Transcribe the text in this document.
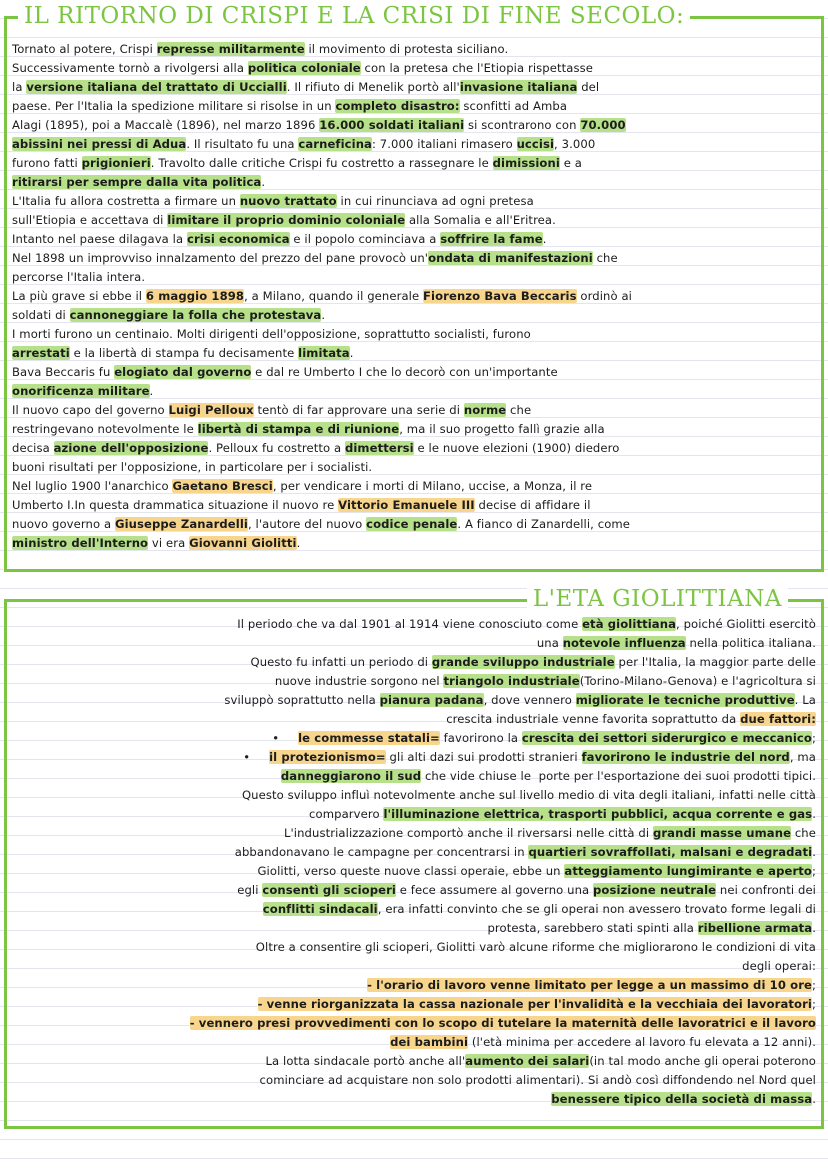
IL RITORNO DI CRISPI E LA CRISI DI FINE SECOLO:
Tornato al potere, Crispi represse militarmente il movimento di protesta siciliano.
Successivamente tornò a rivolgersi alla politica coloniale con la pretesa che l'Etiopia rispettasse
la versione italiana del trattato di Uccialli. Il rifiuto di Menelik portò all'invasione italiana del
paese. Per l'Italia la spedizione militare si risolse in un completo disastro: sconfitti ad Amba
Alagi (1895), poi a Maccalè (1896), nel marzo 1896 16.000 soldati italiani si scontrarono con 70.000
abissini nei pressi di Adua. Il risultato fu una carneficina: 7.000 italiani rimasero uccisi, 3.000
furono fatti prigionieri. Travolto dalle critiche Crispi fu costretto a rassegnare le dimissioni e a
ritirarsi per sempre dalla vita politica.
L'Italia fu allora costretta a firmare un nuovo trattato in cui rinunciava ad ogni pretesa
sull'Etiopia e accettava di limitare il proprio dominio coloniale alla Somalia e all'Eritrea.
Intanto nel paese dilagava la crisi economica e il popolo cominciava a soffrire la fame.
Nel 1898 un improvviso innalzamento del prezzo del pane provocò un'ondata di manifestazioni che
percorse l'Italia intera.
La più grave si ebbe il 6 maggio 1898, a Milano, quando il generale Fiorenzo Bava Beccaris ordinò ai
soldati di cannoneggiare la folla che protestava.
I morti furono un centinaio. Molti dirigenti dell'opposizione, soprattutto socialisti, furono
arrestati e la libertà di stampa fu decisamente limitata.
Bava Beccaris fu elogiato dal governo e dal re Umberto I che lo decorò con un'importante
onorificenza militare.
Il nuovo capo del governo Luigi Pelloux tentò di far approvare una serie di norme che
restringevano notevolmente le libertà di stampa e di riunione, ma il suo progetto fallì grazie alla
decisa azione dell'opposizione. Pelloux fu costretto a dimettersi e le nuove elezioni (1900) diedero
buoni risultati per l'opposizione, in particolare per i socialisti.
Nel luglio 1900 l'anarchico Gaetano Bresci, per vendicare i morti di Milano, uccise, a Monza, il re
Umberto I.In questa drammatica situazione il nuovo re Vittorio Emanuele III decise di affidare il
nuovo governo a Giuseppe Zanardelli, l'autore del nuovo codice penale. A fianco di Zanardelli, come
ministro dell'Interno vi era Giovanni Giolitti.
L'ETA GIOLITTIANA
Il periodo che va dal 1901 al 1914 viene conosciuto come età giolittiana, poiché Giolitti esercitò
una notevole influenza nella politica italiana.
Questo fu infatti un periodo di grande sviluppo industriale per l'Italia, la maggior parte delle
nuove industrie sorgono nel triangolo industriale(Torino-Milano-Genova) e l'agricoltura si
sviluppò soprattutto nella pianura padana, dove vennero migliorate le tecniche produttive. La
crescita industriale venne favorita soprattutto da due fattori:
•     le commesse statali= favorirono la crescita dei settori siderurgico e meccanico;
•     il protezionismo= gli alti dazi sui prodotti stranieri favorirono le industrie del nord, ma
danneggiarono il sud che vide chiuse le  porte per l'esportazione dei suoi prodotti tipici.
Questo sviluppo influì notevolmente anche sul livello medio di vita degli italiani, infatti nelle città
comparvero l'illuminazione elettrica, trasporti pubblici, acqua corrente e gas.
L'industrializzazione comportò anche il riversarsi nelle città di grandi masse umane che
abbandonavano le campagne per concentrarsi in quartieri sovraffollati, malsani e degradati.
Giolitti, verso queste nuove classi operaie, ebbe un atteggiamento lungimirante e aperto;
egli consentì gli scioperi e fece assumere al governo una posizione neutrale nei confronti dei
conflitti sindacali, era infatti convinto che se gli operai non avessero trovato forme legali di
protesta, sarebbero stati spinti alla ribellione armata.
Oltre a consentire gli scioperi, Giolitti varò alcune riforme che migliorarono le condizioni di vita
degli operai:
- l'orario di lavoro venne limitato per legge a un massimo di 10 ore;
- venne riorganizzata la cassa nazionale per l'invalidità e la vecchiaia dei lavoratori;
- vennero presi provvedimenti con lo scopo di tutelare la maternità delle lavoratrici e il lavoro
dei bambini (l'età minima per accedere al lavoro fu elevata a 12 anni).
La lotta sindacale portò anche all'aumento dei salari(in tal modo anche gli operai poterono
cominciare ad acquistare non solo prodotti alimentari). Si andò così diffondendo nel Nord quel
benessere tipico della società di massa.
